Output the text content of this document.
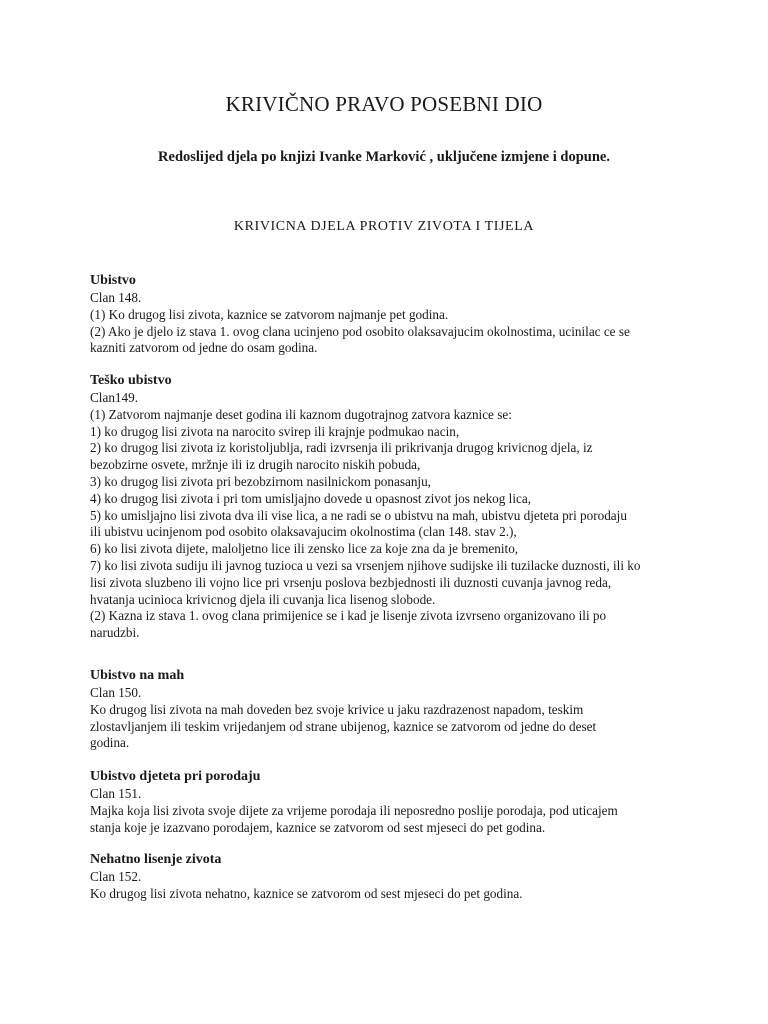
KRIVIČNO PRAVO POSEBNI DIO

Redoslijed djela po knjizi Ivanke Marković , uključene izmjene i dopune.

KRIVICNA DJELA PROTIV ZIVOTA I TIJELA

Ubistvo

Clan 148.

(1) Ko drugog lisi zivota, kaznice se zatvorom najmanje pet godina.

(2) Ako je djelo iz stava 1. ovog clana ucinjeno pod osobito olaksavajucim okolnostima, ucinilac ce se

kazniti zatvorom od jedne do osam godina.

Teško ubistvo

Clan149.

(1) Zatvorom najmanje deset godina ili kaznom dugotrajnog zatvora kaznice se:

1) ko drugog lisi zivota na narocito svirep ili krajnje podmukao nacin,

2) ko drugog lisi zivota iz koristoljublja, radi izvrsenja ili prikrivanja drugog krivicnog djela, iz

bezobzirne osvete, mržnje ili iz drugih narocito niskih pobuda,

3) ko drugog lisi zivota pri bezobzirnom nasilnickom ponasanju,

4) ko drugog lisi zivota i pri tom umisljajno dovede u opasnost zivot jos nekog lica,

5) ko umisljajno lisi zivota dva ili vise lica, a ne radi se o ubistvu na mah, ubistvu djeteta pri porodaju

ili ubistvu ucinjenom pod osobito olaksavajucim okolnostima (clan 148. stav 2.),

6) ko lisi zivota dijete, maloljetno lice ili zensko lice za koje zna da je bremenito,

7) ko lisi zivota sudiju ili javnog tuzioca u vezi sa vrsenjem njihove sudijske ili tuzilacke duznosti, ili ko

lisi zivota sluzbeno ili vojno lice pri vrsenju poslova bezbjednosti ili duznosti cuvanja javnog reda,

hvatanja ucinioca krivicnog djela ili cuvanja lica lisenog slobode.

(2) Kazna iz stava 1. ovog clana primijenice se i kad je lisenje zivota izvrseno organizovano ili po

narudzbi.

Ubistvo na mah

Clan 150.

Ko drugog lisi zivota na mah doveden bez svoje krivice u jaku razdrazenost napadom, teskim

zlostavljanjem ili teskim vrijedanjem od strane ubijenog, kaznice se zatvorom od jedne do deset

godina.

Ubistvo djeteta pri porodaju

Clan 151.

Majka koja lisi zivota svoje dijete za vrijeme porodaja ili neposredno poslije porodaja, pod uticajem

stanja koje je izazvano porodajem, kaznice se zatvorom od sest mjeseci do pet godina.

Nehatno lisenje zivota

Clan 152.

Ko drugog lisi zivota nehatno, kaznice se zatvorom od sest mjeseci do pet godina.
